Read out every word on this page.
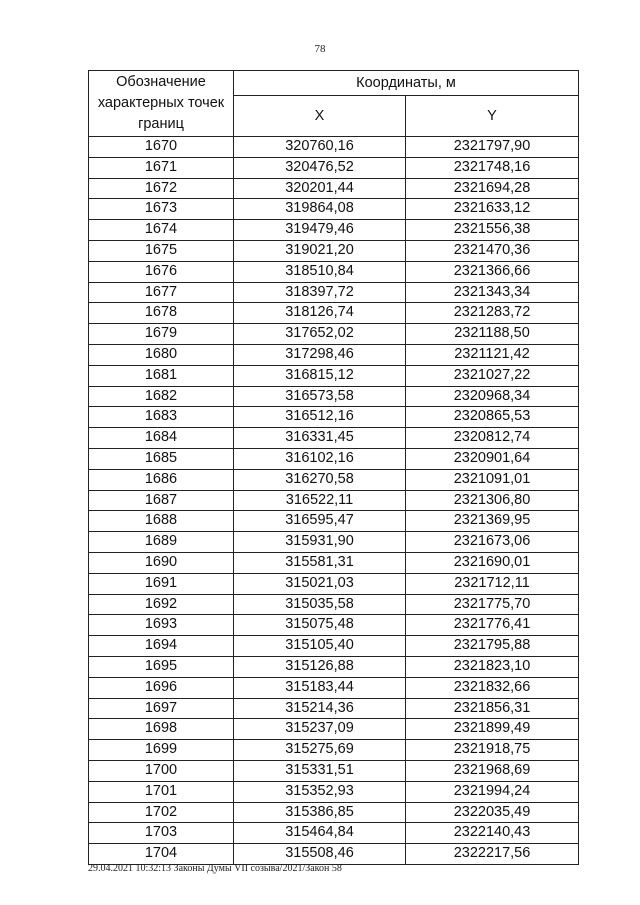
78
Обозначение характерных точек границ	Координаты, м	
	X	Y
1670	320760,16	2321797,90
1671	320476,52	2321748,16
1672	320201,44	2321694,28
1673	319864,08	2321633,12
1674	319479,46	2321556,38
1675	319021,20	2321470,36
1676	318510,84	2321366,66
1677	318397,72	2321343,34
1678	318126,74	2321283,72
1679	317652,02	2321188,50
1680	317298,46	2321121,42
1681	316815,12	2321027,22
1682	316573,58	2320968,34
1683	316512,16	2320865,53
1684	316331,45	2320812,74
1685	316102,16	2320901,64
1686	316270,58	2321091,01
1687	316522,11	2321306,80
1688	316595,47	2321369,95
1689	315931,90	2321673,06
1690	315581,31	2321690,01
1691	315021,03	2321712,11
1692	315035,58	2321775,70
1693	315075,48	2321776,41
1694	315105,40	2321795,88
1695	315126,88	2321823,10
1696	315183,44	2321832,66
1697	315214,36	2321856,31
1698	315237,09	2321899,49
1699	315275,69	2321918,75
1700	315331,51	2321968,69
1701	315352,93	2321994,24
1702	315386,85	2322035,49
1703	315464,84	2322140,43
1704	315508,46	2322217,56
29.04.2021 10:32:13 Законы Думы VII созыва/2021/Закон 58
